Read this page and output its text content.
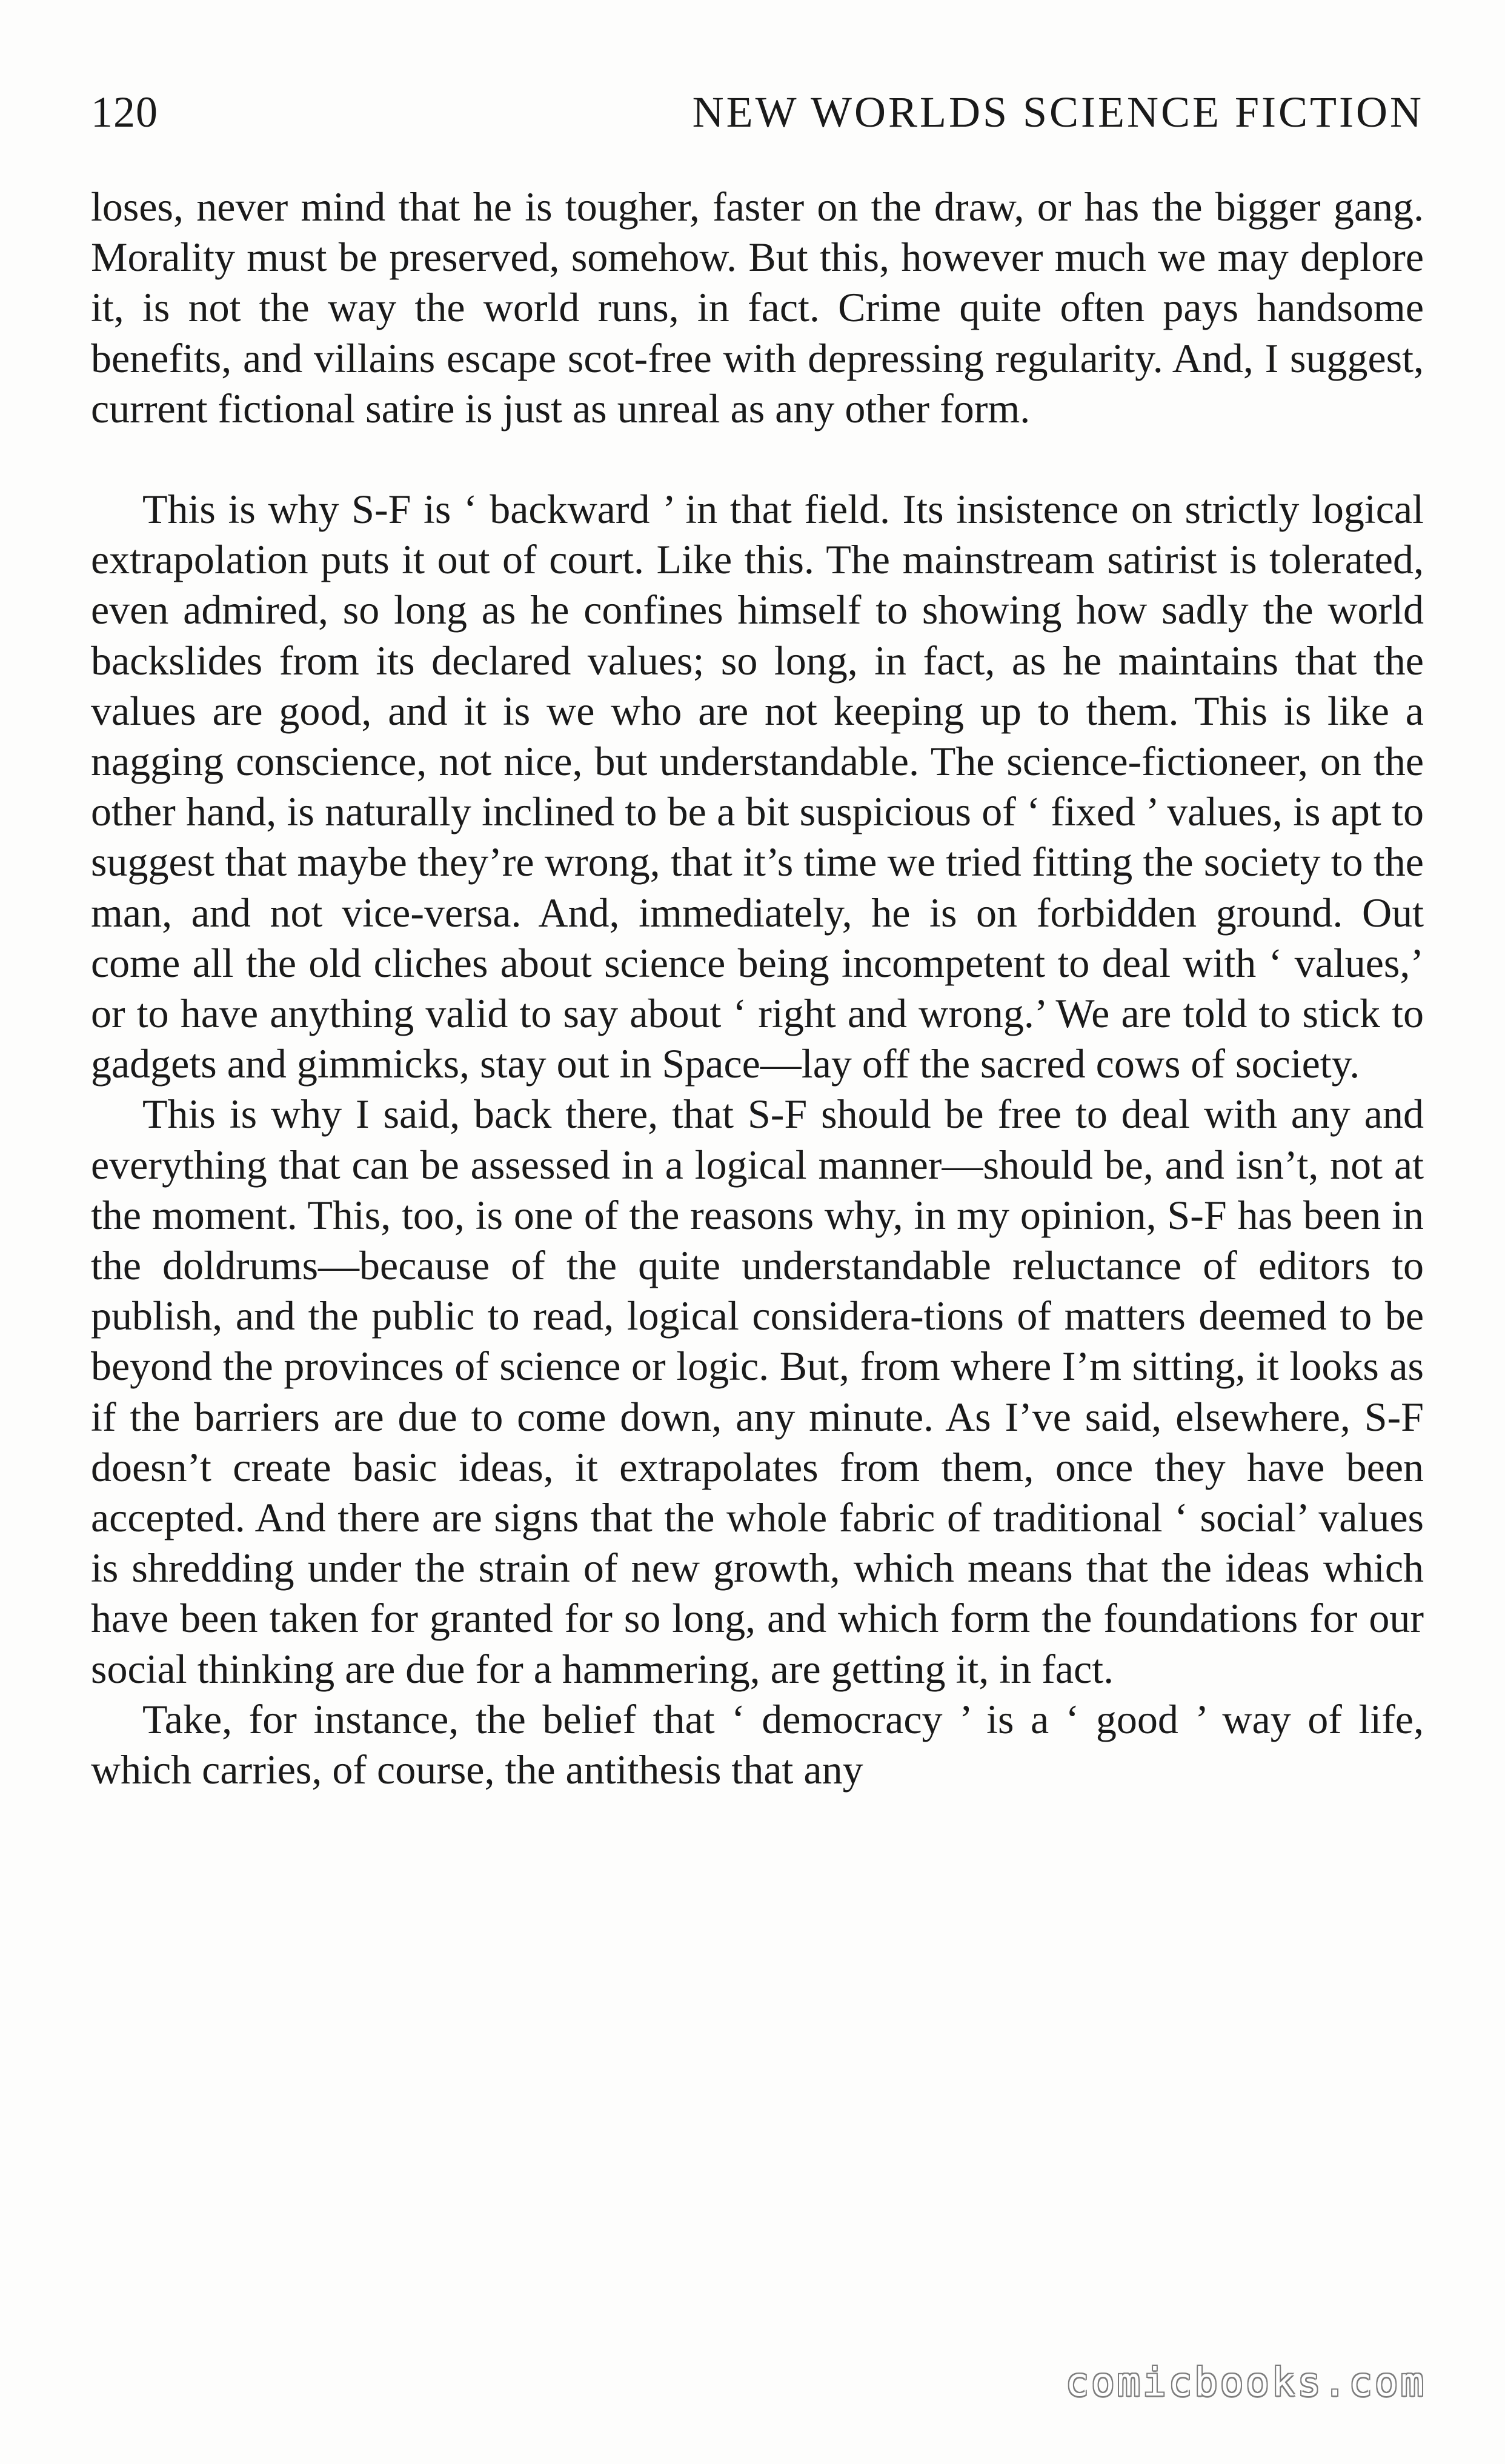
120	NEW WORLDS SCIENCE FICTION

loses, never mind that he is tougher, faster on the draw, or has the bigger gang. Morality must be preserved, somehow. But this, however much we may deplore it, is not the way the world runs, in fact. Crime quite often pays handsome benefits, and villains escape scot-free with depressing regularity. And, I suggest, current fictional satire is just as unreal as any other form.

This is why S-F is ‘ backward ’ in that field. Its insistence on strictly logical extrapolation puts it out of court. Like this. The mainstream satirist is tolerated, even admired, so long as he confines himself to showing how sadly the world backslides from its declared values; so long, in fact, as he maintains that the values are good, and it is we who are not keeping up to them. This is like a nagging conscience, not nice, but understandable. The science-fictioneer, on the other hand, is naturally inclined to be a bit suspicious of ‘ fixed ’ values, is apt to suggest that maybe they’re wrong, that it’s time we tried fitting the society to the man, and not vice-versa. And, immediately, he is on forbidden ground. Out come all the old cliches about science being incompetent to deal with ‘ values,’ or to have anything valid to say about ‘ right and wrong.’ We are told to stick to gadgets and gimmicks, stay out in Space—lay off the sacred cows of society.

This is why I said, back there, that S-F should be free to deal with any and everything that can be assessed in a logical manner—should be, and isn’t, not at the moment. This, too, is one of the reasons why, in my opinion, S-F has been in the doldrums—because of the quite understandable reluctance of editors to publish, and the public to read, logical considera-tions of matters deemed to be beyond the provinces of science or logic. But, from where I’m sitting, it looks as if the barriers are due to come down, any minute. As I’ve said, elsewhere, S-F doesn’t create basic ideas, it extrapolates from them, once they have been accepted. And there are signs that the whole fabric of traditional ‘ social’ values is shredding under the strain of new growth, which means that the ideas which have been taken for granted for so long, and which form the foundations for our social thinking are due for a hammering, are getting it, in fact.

Take, for instance, the belief that ‘ democracy ’ is a ‘ good ’ way of life, which carries, of course, the antithesis that any

comicbooks.com
